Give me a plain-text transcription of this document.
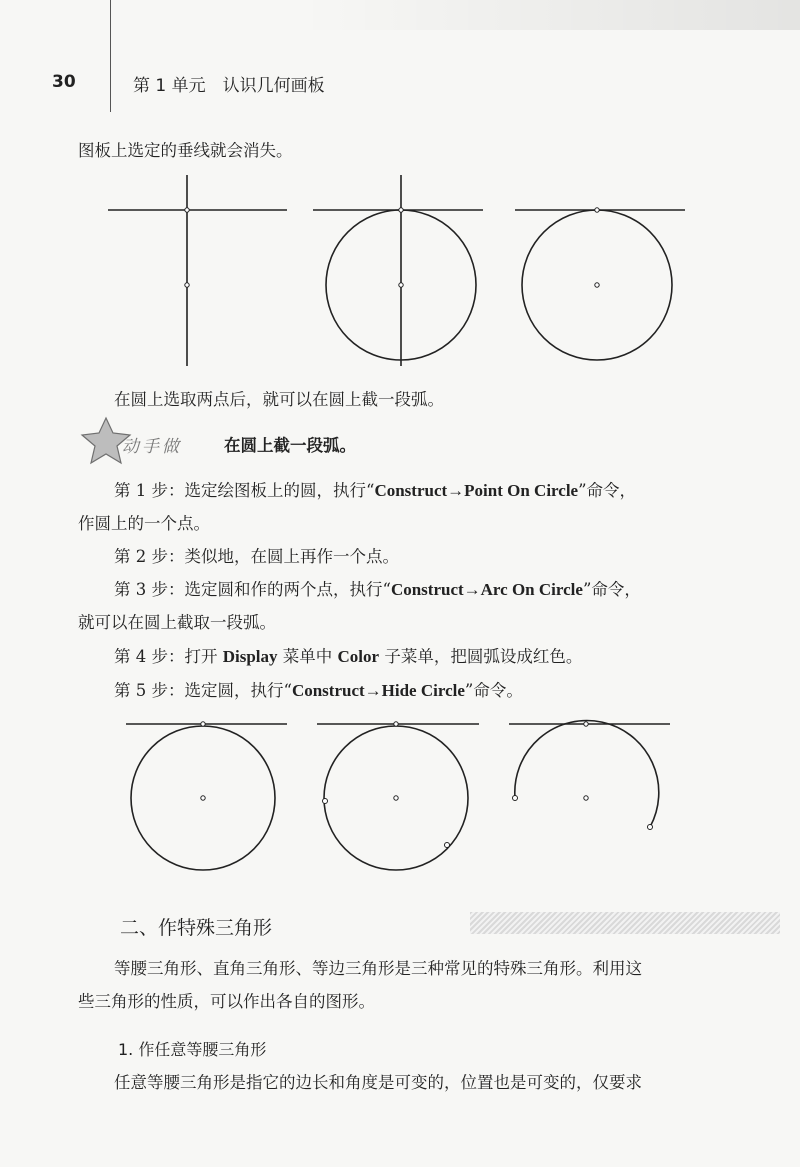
30	第 1 单元　认识几何画板
图板上选定的垂线就会消失。
在圆上选取两点后，就可以在圆上截一段弧。
动手做	在圆上截一段弧。
第 1 步：选定绘图板上的圆，执行“Construct→Point On Circle”命令，
作圆上的一个点。
第 2 步：类似地，在圆上再作一个点。
第 3 步：选定圆和作的两个点，执行“Construct→Arc On Circle”命令，
就可以在圆上截取一段弧。
第 4 步：打开 Display 菜单中 Color 子菜单，把圆弧设成红色。
第 5 步：选定圆，执行“Construct→Hide Circle”命令。
二、作特殊三角形
等腰三角形、直角三角形、等边三角形是三种常见的特殊三角形。利用这
些三角形的性质，可以作出各自的图形。
1. 作任意等腰三角形
任意等腰三角形是指它的边长和角度是可变的，位置也是可变的，仅要求
